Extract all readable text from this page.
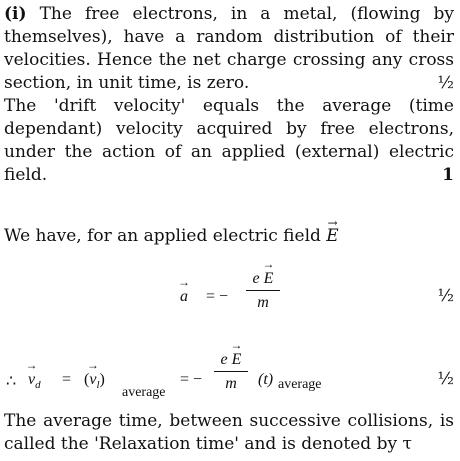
(i) The free electrons, in a metal, (flowing by
themselves), have a random distribution of their
velocities. Hence the net charge crossing any cross
section, in unit time, is zero.	½
The 'drift velocity' equals the average (time
dependant) velocity acquired by free electrons,
under the action of an applied (external) electric
field.	1
We have, for an applied electric field → E
→ a = −
e → E
m	½
∴ → $v_d$ = (→ $v_l$)
average
= −
e → E
m	(t) average	½
The average time, between successive collisions, is
called the 'Relaxation time' and is denoted by τ
